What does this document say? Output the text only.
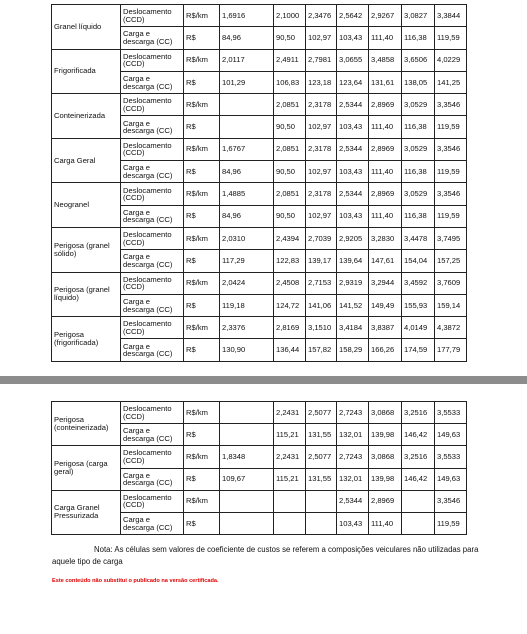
Granel líquido	Deslocamento (CCD)	R$/km	1,6916	2,1000	2,3476	2,5642	2,9267	3,0827	3,3844
	Carga e descarga (CC)	R$	84,96	90,50	102,97	103,43	111,40	116,38	119,59
Frigorificada	Deslocamento (CCD)	R$/km	2,0117	2,4911	2,7981	3,0655	3,4858	3,6506	4,0229
	Carga e descarga (CC)	R$	101,29	106,83	123,18	123,64	131,61	138,05	141,25
Conteinerizada	Deslocamento (CCD)	R$/km		2,0851	2,3178	2,5344	2,8969	3,0529	3,3546
	Carga e descarga (CC)	R$		90,50	102,97	103,43	111,40	116,38	119,59
Carga Geral	Deslocamento (CCD)	R$/km	1,6767	2,0851	2,3178	2,5344	2,8969	3,0529	3,3546
	Carga e descarga (CC)	R$	84,96	90,50	102,97	103,43	111,40	116,38	119,59
Neogranel	Deslocamento (CCD)	R$/km	1,4885	2,0851	2,3178	2,5344	2,8969	3,0529	3,3546
	Carga e descarga (CC)	R$	84,96	90,50	102,97	103,43	111,40	116,38	119,59
Perigosa (granel sólido)	Deslocamento (CCD)	R$/km	2,0310	2,4394	2,7039	2,9205	3,2830	3,4478	3,7495
	Carga e descarga (CC)	R$	117,29	122,83	139,17	139,64	147,61	154,04	157,25
Perigosa (granel líquido)	Deslocamento (CCD)	R$/km	2,0424	2,4508	2,7153	2,9319	3,2944	3,4592	3,7609
	Carga e descarga (CC)	R$	119,18	124,72	141,06	141,52	149,49	155,93	159,14
Perigosa (frigorificada)	Deslocamento (CCD)	R$/km	2,3376	2,8169	3,1510	3,4184	3,8387	4,0149	4,3872
	Carga e descarga (CC)	R$	130,90	136,44	157,82	158,29	166,26	174,59	177,79
Perigosa (conteinerizada)	Deslocamento (CCD)	R$/km		2,2431	2,5077	2,7243	3,0868	3,2516	3,5533
	Carga e descarga (CC)	R$		115,21	131,55	132,01	139,98	146,42	149,63
Perigosa (carga geral)	Deslocamento (CCD)	R$/km	1,8348	2,2431	2,5077	2,7243	3,0868	3,2516	3,5533
	Carga e descarga (CC)	R$	109,67	115,21	131,55	132,01	139,98	146,42	149,63
Carga Granel Pressurizada	Deslocamento (CCD)	R$/km				2,5344	2,8969		3,3546
	Carga e descarga (CC)	R$				103,43	111,40		119,59
Nota: As células sem valores de coeficiente de custos se referem a composições veiculares não utilizadas para aquele tipo de carga
Este conteúdo não substitui o publicado na versão certificada.
